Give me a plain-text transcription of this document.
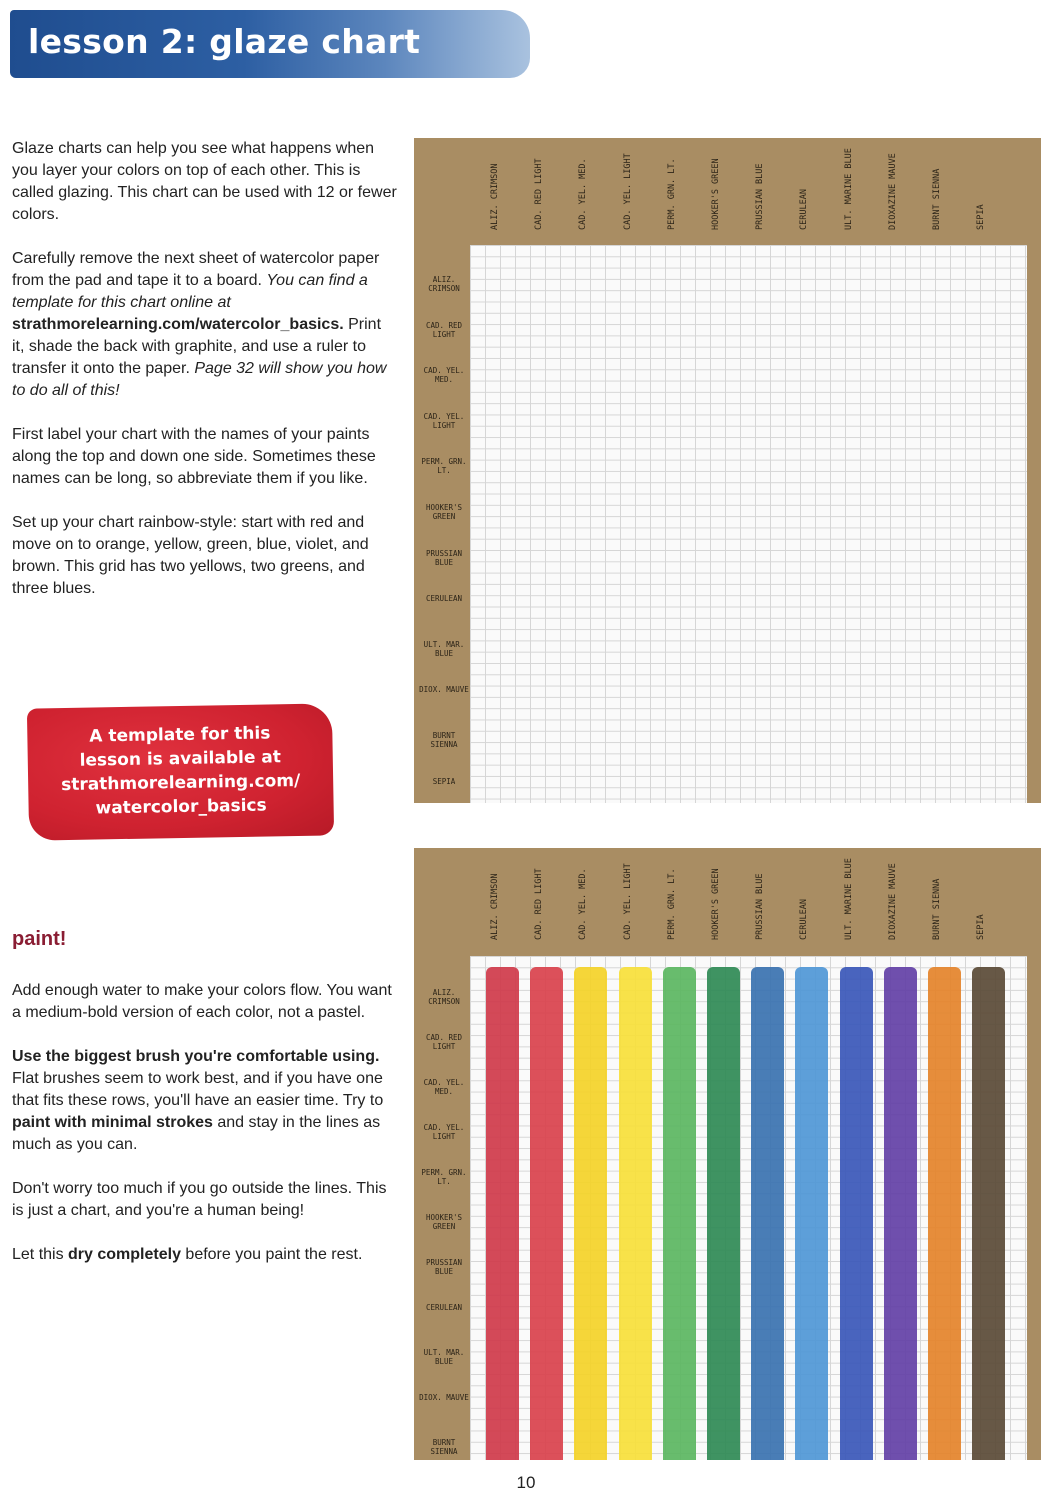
lesson 2: glaze chart

Glaze charts can help you see what happens when you layer your colors on top of each other. This is called glazing. This chart can be used with 12 or fewer colors.

Carefully remove the next sheet of watercolor paper from the pad and tape it to a board. You can find a template for this chart online at
strathmorelearning.com/watercolor_basics. Print it, shade the back with graphite, and use a ruler to transfer it onto the paper. Page 32 will show you how to do all of this!

First label your chart with the names of your paints along the top and down one side. Sometimes these names can be long, so abbreviate them if you like.

Set up your chart rainbow-style: start with red and move on to orange, yellow, green, blue, violet, and brown. This grid has two yellows, two greens, and three blues.

A template for this
lesson is available at
strathmorelearning.com/
watercolor_basics
paint!

Add enough water to make your colors flow. You want a medium-bold version of each color, not a pastel.

Use the biggest brush you're comfortable using. Flat brushes seem to work best, and if you have one that fits these rows, you'll have an easier time. Try to paint with minimal strokes and stay in the lines as much as you can.

Don't worry too much if you go outside the lines. This is just a chart, and you're a human being!

Let this dry completely before you paint the rest.

ALIZ. CRIMSON	CAD. RED LIGHT	CAD. YEL. MED.	CAD. YEL. LIGHT	PERM. GRN. LT.	HOOKER'S GREEN	PRUSSIAN BLUE	CERULEAN	ULT. MARINE BLUE	DIOXAZINE MAUVE	BURNT SIENNA	SEPIA
ALIZ. CRIMSON
CAD. RED LIGHT
CAD. YEL. MED.
CAD. YEL. LIGHT
PERM. GRN. LT.
HOOKER'S GREEN
PRUSSIAN BLUE
CERULEAN
ULT. MAR. BLUE
DIOX. MAUVE
BURNT SIENNA
SEPIA
ALIZ. CRIMSON	CAD. RED LIGHT	CAD. YEL. MED.	CAD. YEL. LIGHT	PERM. GRN. LT.	HOOKER'S GREEN	PRUSSIAN BLUE	CERULEAN	ULT. MARINE BLUE	DIOXAZINE MAUVE	BURNT SIENNA	SEPIA
ALIZ. CRIMSON
CAD. RED LIGHT
CAD. YEL. MED.
CAD. YEL. LIGHT
PERM. GRN. LT.
HOOKER'S GREEN
PRUSSIAN BLUE
CERULEAN
ULT. MAR. BLUE
DIOX. MAUVE
BURNT SIENNA
10
